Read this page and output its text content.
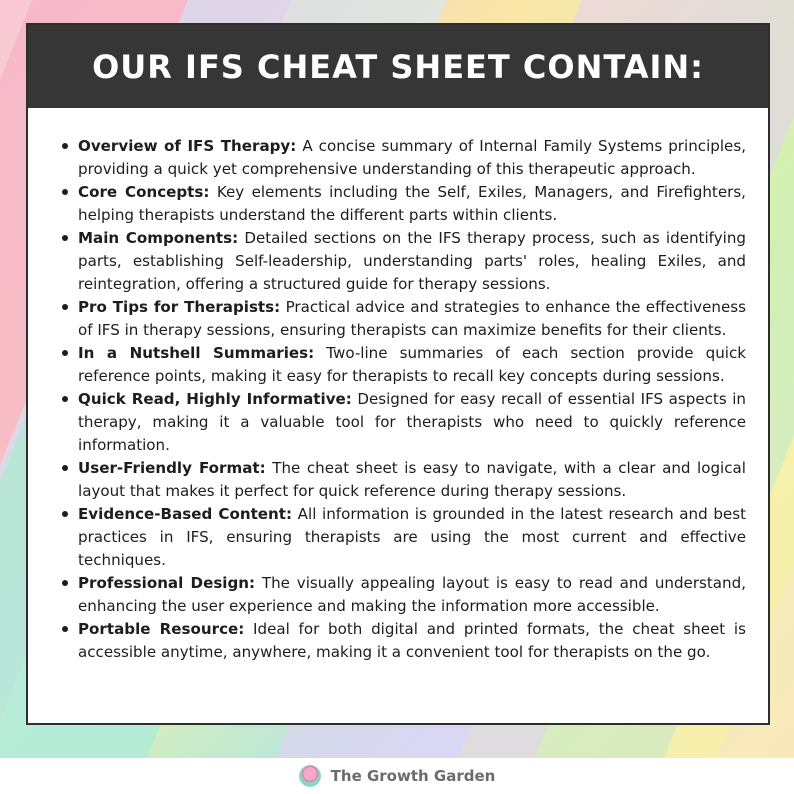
OUR IFS CHEAT SHEET CONTAIN:
Overview of IFS Therapy: A concise summary of Internal Family Systems principles, providing a quick yet comprehensive understanding of this therapeutic approach.
Core Concepts: Key elements including the Self, Exiles, Managers, and Firefighters, helping therapists understand the different parts within clients.
Main Components: Detailed sections on the IFS therapy process, such as identifying parts, establishing Self-leadership, understanding parts' roles, healing Exiles, and reintegration, offering a structured guide for therapy sessions.
Pro Tips for Therapists: Practical advice and strategies to enhance the effectiveness of IFS in therapy sessions, ensuring therapists can maximize benefits for their clients.
In a Nutshell Summaries: Two-line summaries of each section provide quick reference points, making it easy for therapists to recall key concepts during sessions.
Quick Read, Highly Informative: Designed for easy recall of essential IFS aspects in therapy, making it a valuable tool for therapists who need to quickly reference information.
User-Friendly Format: The cheat sheet is easy to navigate, with a clear and logical layout that makes it perfect for quick reference during therapy sessions.
Evidence-Based Content: All information is grounded in the latest research and best practices in IFS, ensuring therapists are using the most current and effective techniques.
Professional Design: The visually appealing layout is easy to read and understand, enhancing the user experience and making the information more accessible.
Portable Resource: Ideal for both digital and printed formats, the cheat sheet is accessible anytime, anywhere, making it a convenient tool for therapists on the go.
The Growth Garden
